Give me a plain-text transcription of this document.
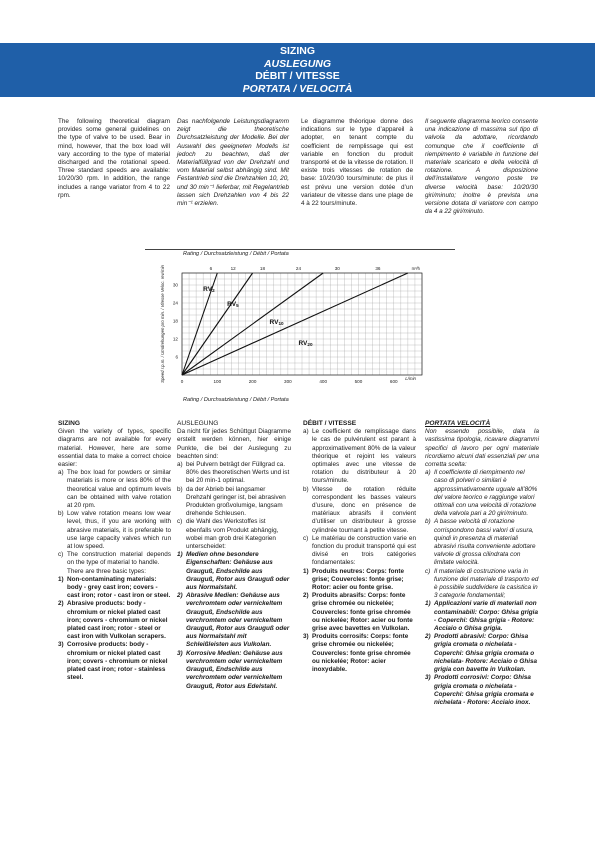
SIZING
AUSLEGUNG
DÉBIT / VITESSE
PORTATA / VELOCITÀ

The following theoretical diagram provides some general guidelines on the type of valve to be used. Bear in mind, however, that the box load will vary according to the type of material discharged and the rotational speed. Three standard speeds are available: 10/20/30 rpm. In addition, the range includes a range variator from 4 to 22 rpm.

Das nachfolgende Leistungsdiagramm zeigt die theoretische Durchsatzleistung der Modelle. Bei der Auswahl des geeigneten Modells ist jedoch zu beachten, daß der Materialfüllgrad von der Drehzahl und vom Material selbst abhängig sind. Mit Festantrieb sind die Drehzahlen 10, 20, und 30 min⁻¹ lieferbar, mit Regelantrieb lassen sich Drehzahlen von 4 bis 22 min⁻¹ erzielen.

Le diagramme théorique donne des indications sur le type d’appareil à adopter, en tenant compte du coefficient de remplissage qui est variable en fonction du produit transporté et de la vitesse de rotation. Il existe trois vitesses de rotation de base: 10/20/30 tours/minute: de plus il est prévu une version dotée d’un variateur de vitesse dans une plage de 4 à 22 tours/minute.

Il seguente diagramma teorico consente una indicazione di massima sul tipo di valvola da adottare, ricordando comunque che il coefficiente di riempimento è variabile in funzione del materiale scaricato e della velocità di rotazione. A disposizione dell’installatore vengono poste tre diverse velocità base: 10/20/30 giri/minuto; inoltre è prevista una versione dotata di variatore con campo da 4 a 22 giri/minuto.

Rating / Durchsatzleistung / Débit / Portata
0	100	200	300	400	500	600
6
12
18
24
30
6	12	18	24	30	36	m³/h
L/min
Speed r.p.m. / Umdrehungen pro min. / Vitesse Veloc. rev/min	RV2
RV5
RV10
RV20
Rating / Durchsatzleistung / Débit / Portata

SIZING

Given the variety of types, specific diagrams are not available for every material. However, here are some essential data to make a correct choice easier:

a) The box load for powders or similar materials is more or less 80% of the theoretical value and optimum levels can be obtained with valve rotation at 20 rpm.
b) Low valve rotation means low wear level, thus, if you are working with abrasive materials, it is preferable to use large capacity valves which run at low speed.
c) The construction material depends on the type of material to handle.

There are three basic types:

1) Non-contaminating materials: body - grey cast iron; covers - cast iron; rotor - cast iron or steel.
2) Abrasive products: body - chromium or nickel plated cast iron; covers - chromium or nickel plated cast iron; rotor - steel or cast iron with Vulkolan scrapers.
3) Corrosive products: body - chromium or nickel plated cast iron; covers - chromium or nickel plated cast iron; rotor - stainless steel.

AUSLEGUNG

Da nicht für jedes Schüttgut Diagramme erstellt werden können, hier einige Punkte, die bei der Auslegung zu beachten sind:

a) bei Pulvern beträgt der Füllgrad ca. 80% des theoretischen Werts und ist bei 20 min-1 optimal.
b) da der Abrieb bei langsamer Drehzahl geringer ist, bei abrasiven Produkten großvolumige, langsam drehende Schleusen.
c) die Wahl des Werkstoffes ist ebenfalls vom Produkt abhängig, wobei man grob drei Kategorien unterscheidet:
1) Medien ohne besondere Eigenschaften: Gehäuse aus Grauguß, Endschilde aus Grauguß, Rotor aus Grauguß oder aus Normalstahl.
2) Abrasive Medien: Gehäuse aus verchromtem oder vernickeltem Grauguß, Endschilde aus verchromtem oder vernickeltem Grauguß, Rotor aus Grauguß oder aus Normalstahl mit Schleißleisten aus Vulkolan.
3) Korrosive Medien: Gehäuse aus verchromtem oder vernickeltem Grauguß, Endschilde aus verchromtem oder vernickeltem Grauguß, Rotor aus Edelstahl.

DÉBIT / VITESSE

a) Le coefficient de remplissage dans le cas de pulvérulent est parant à approximativement 80% de la valeur théorique et rejoint les valeurs optimales avec une vitesse de rotation du distributeur à 20 tours/minute.
b) Vitesse de rotation réduite correspondent les basses valeurs d’usure, donc en présence de matériaux abrasifs il convient d’utiliser un distributeur à grosse cylindrée tournant à petite vitesse.
c) Le matériau de construction varie en fonction du produit transporté qui est divisé en trois catégories fondamentales:
1) Produits neutres: Corps: fonte grise; Couvercles: fonte grise; Rotor: acier ou fonte grise.
2) Produits abrasifs: Corps: fonte grise chromée ou nickelée; Couvercles: fonte grise chromée ou nickelée; Rotor: acier ou fonte grise avec bavettes en Vulkolan.
3) Produits corrosifs: Corps: fonte grise chromée ou nickelée; Couvercles: fonte grise chromée ou nickelée; Rotor: acier inoxydable.

PORTATA VELOCITÀ

Non essendo possibile, data la vastissima tipologia, ricavare diagrammi specifici di lavoro per ogni materiale ricordiamo alcuni dati essenziali per una corretta scelta:

a) Il coefficiente di riempimento nel caso di polveri o similari è approssimativamente uguale all’80% del valore teorico e raggiunge valori ottimali con una velocità di rotazione della valvola pari a 20 giri/minuto.
b) A basse velocità di rotazione corrispondono bassi valori di usura, quindi in presenza di materiali abrasivi risulta conveniente adottare valvole di grossa cilindrata con limitate velocità.
c) Il materiale di costruzione varia in funzione del materiale di trasporto ed è possibile suddividere la casistica in 3 categorie fondamentali;
1) Applicazioni varie di materiali non contaminabili: Corpo: Ghisa grigia - Coperchi: Ghisa grigia - Rotore: Acciaio o Ghisa grigia.
2) Prodotti abrasivi: Corpo: Ghisa grigia cromata o nichelata - Coperchi: Ghisa grigia cromata o nichelata- Rotore: Acciaio o Ghisa grigia con bavette in Vulkolan.
3) Prodotti corrosivi: Corpo: Ghisa grigia cromata o nichelata - Coperchi: Ghisa grigia cromata e nichelata - Rotore: Acciaio inox.
